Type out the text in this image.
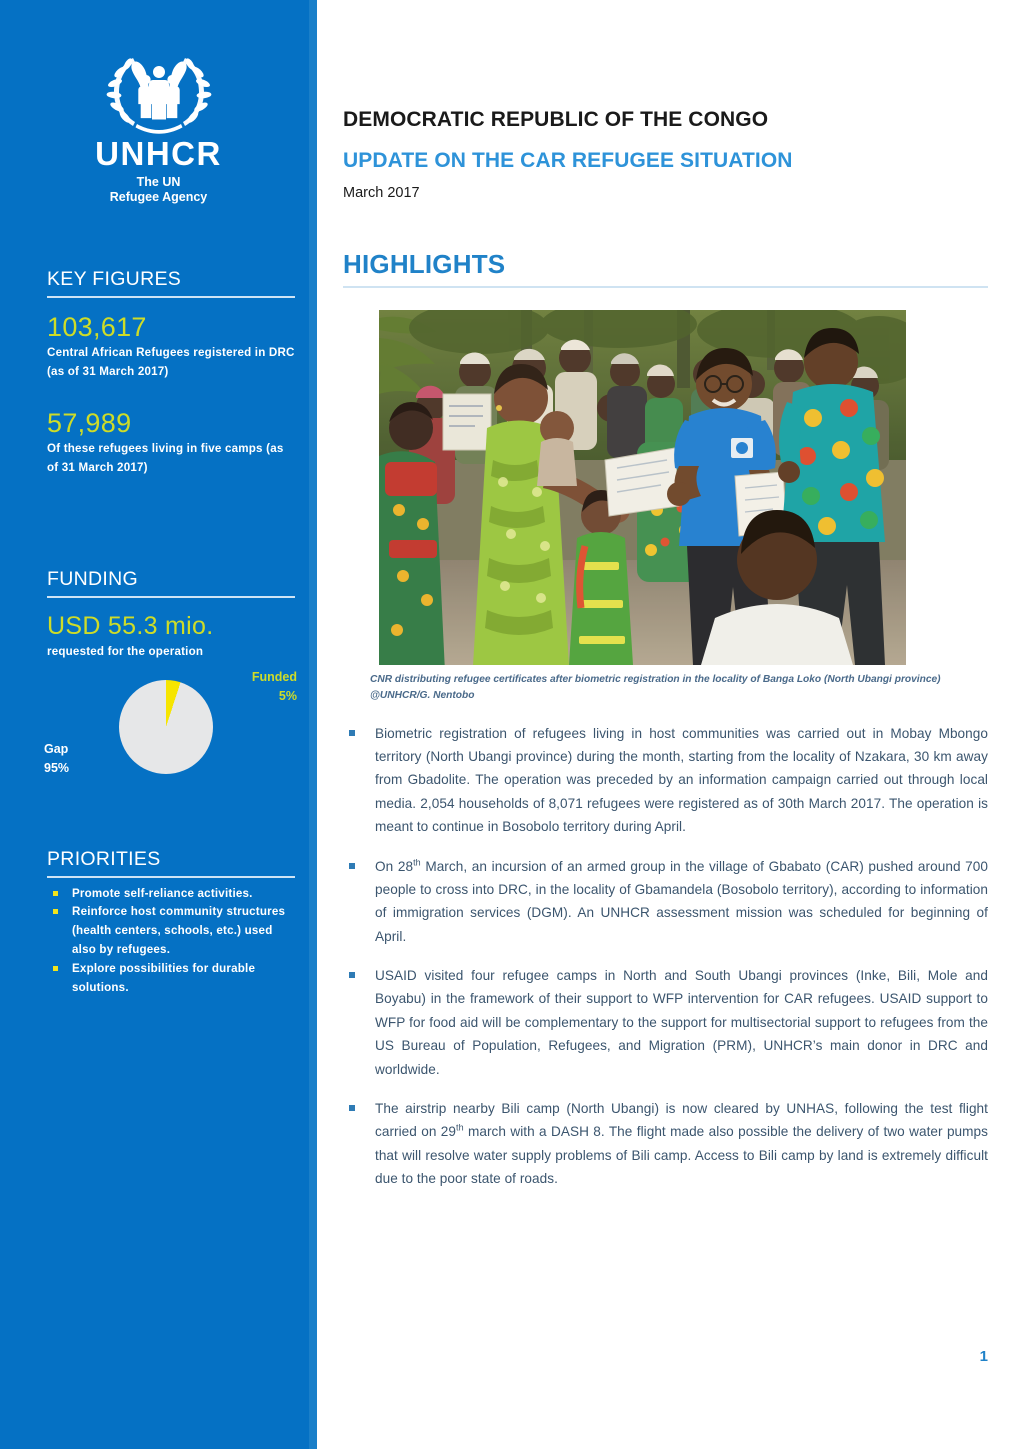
UNHCR
The UN
Refugee Agency
KEY FIGURES
103,617
Central African Refugees registered in DRC (as of 31 March 2017)
57,989
Of these refugees living in five camps (as of 31 March 2017)
FUNDING
USD 55.3 mio.
requested for the operation
Funded
5%
Gap
95%
PRIORITIES
Promote self-reliance activities.
Reinforce host community structures (health centers, schools, etc.) used also by refugees.
Explore possibilities for durable solutions.
DEMOCRATIC REPUBLIC OF THE CONGO
UPDATE ON THE CAR REFUGEE SITUATION
March 2017
HIGHLIGHTS
CNR distributing refugee certificates after biometric registration in the locality of Banga Loko (North Ubangi province) @UNHCR/G. Nentobo
Biometric registration of refugees living in host communities was carried out in Mobay Mbongo territory (North Ubangi province) during the month, starting from the locality of Nzakara, 30 km away from Gbadolite. The operation was preceded by an information campaign carried out through local media. 2,054 households of 8,071 refugees were registered as of 30th March 2017. The operation is meant to continue in Bosobolo territory during April.
On 28th March, an incursion of an armed group in the village of Gbabato (CAR) pushed around 700 people to cross into DRC, in the locality of Gbamandela (Bosobolo territory), according to information of immigration services (DGM). An UNHCR assessment mission was scheduled for beginning of April.
USAID visited four refugee camps in North and South Ubangi provinces (Inke, Bili, Mole and Boyabu) in the framework of their support to WFP intervention for CAR refugees. USAID support to WFP for food aid will be complementary to the support for multisectorial support to refugees from the US Bureau of Population, Refugees, and Migration (PRM), UNHCR’s main donor in DRC and worldwide.
The airstrip nearby Bili camp (North Ubangi) is now cleared by UNHAS, following the test flight carried on 29th march with a DASH 8. The flight made also possible the delivery of two water pumps that will resolve water supply problems of Bili camp. Access to Bili camp by land is extremely difficult due to the poor state of roads.
1
